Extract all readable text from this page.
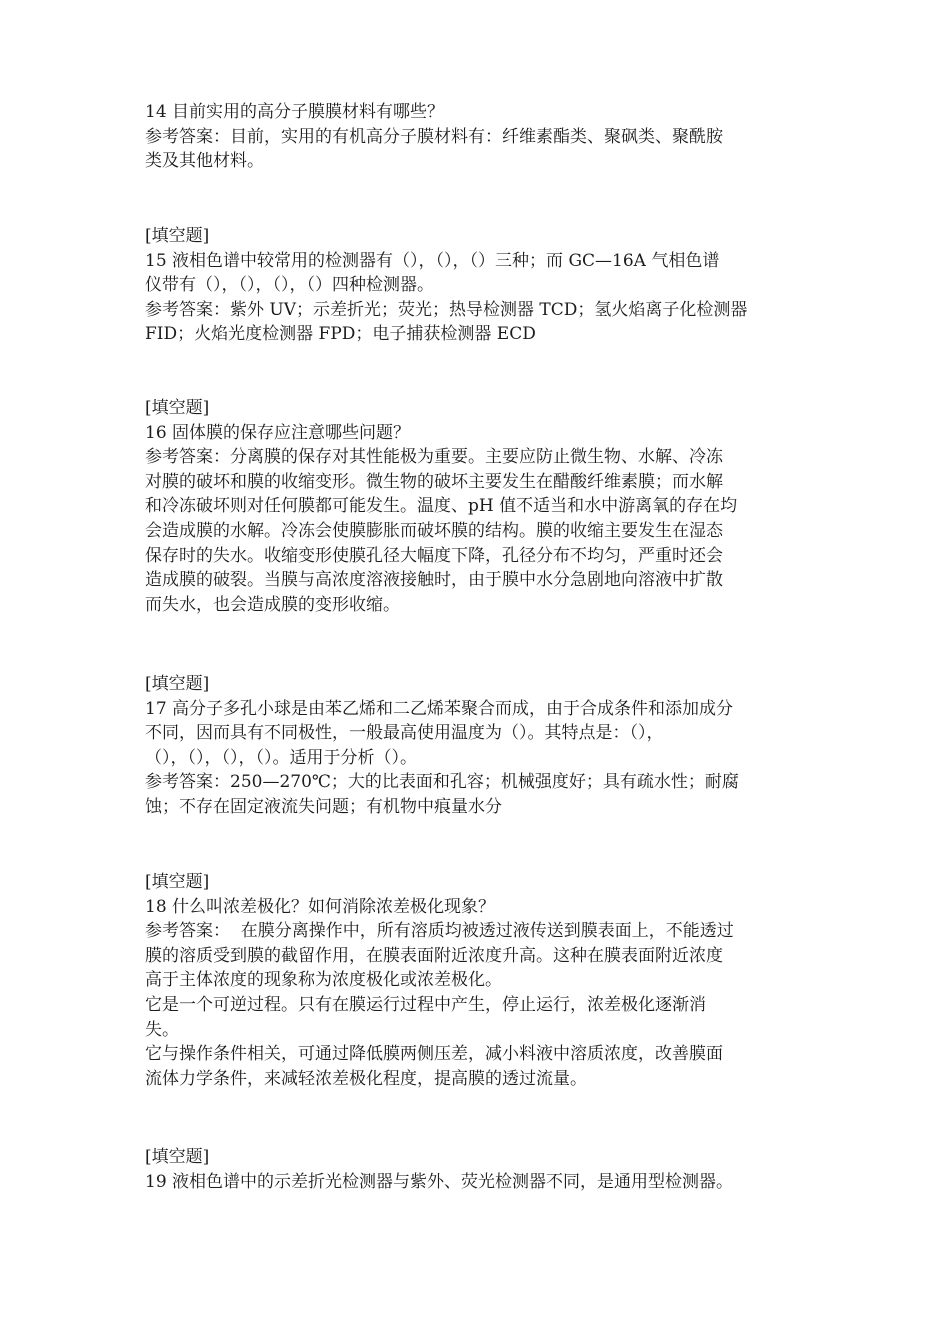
14 目前实用的高分子膜膜材料有哪些？

参考答案：目前，实用的有机高分子膜材料有：纤维素酯类、聚砜类、聚酰胺

类及其他材料。

[填空题]

15 液相色谱中较常用的检测器有（），（），（）三种；而 GC—16A 气相色谱

仪带有（），（），（），（）四种检测器。

参考答案：紫外 UV；示差折光；荧光；热导检测器 TCD；氢火焰离子化检测器

FID；火焰光度检测器 FPD；电子捕获检测器 ECD

[填空题]

16 固体膜的保存应注意哪些问题？

参考答案：分离膜的保存对其性能极为重要。主要应防止微生物、水解、冷冻

对膜的破坏和膜的收缩变形。微生物的破坏主要发生在醋酸纤维素膜；而水解

和冷冻破坏则对任何膜都可能发生。温度、pH 值不适当和水中游离氧的存在均

会造成膜的水解。冷冻会使膜膨胀而破坏膜的结构。膜的收缩主要发生在湿态

保存时的失水。收缩变形使膜孔径大幅度下降，孔径分布不均匀，严重时还会

造成膜的破裂。当膜与高浓度溶液接触时，由于膜中水分急剧地向溶液中扩散

而失水，也会造成膜的变形收缩。

[填空题]

17 高分子多孔小球是由苯乙烯和二乙烯苯聚合而成，由于合成条件和添加成分

不同，因而具有不同极性，一般最高使用温度为（）。其特点是：（），

（），（），（），（）。适用于分析（）。

参考答案：250—270℃；大的比表面和孔容；机械强度好；具有疏水性；耐腐

蚀；不存在固定液流失问题；有机物中痕量水分

[填空题]

18 什么叫浓差极化？如何消除浓差极化现象？

参考答案：  在膜分离操作中，所有溶质均被透过液传送到膜表面上，不能透过

膜的溶质受到膜的截留作用，在膜表面附近浓度升高。这种在膜表面附近浓度

高于主体浓度的现象称为浓度极化或浓差极化。

它是一个可逆过程。只有在膜运行过程中产生，停止运行，浓差极化逐渐消

失。

它与操作条件相关，可通过降低膜两侧压差，减小料液中溶质浓度，改善膜面

流体力学条件，来减轻浓差极化程度，提高膜的透过流量。

[填空题]

19 液相色谱中的示差折光检测器与紫外、荧光检测器不同，是通用型检测器。
